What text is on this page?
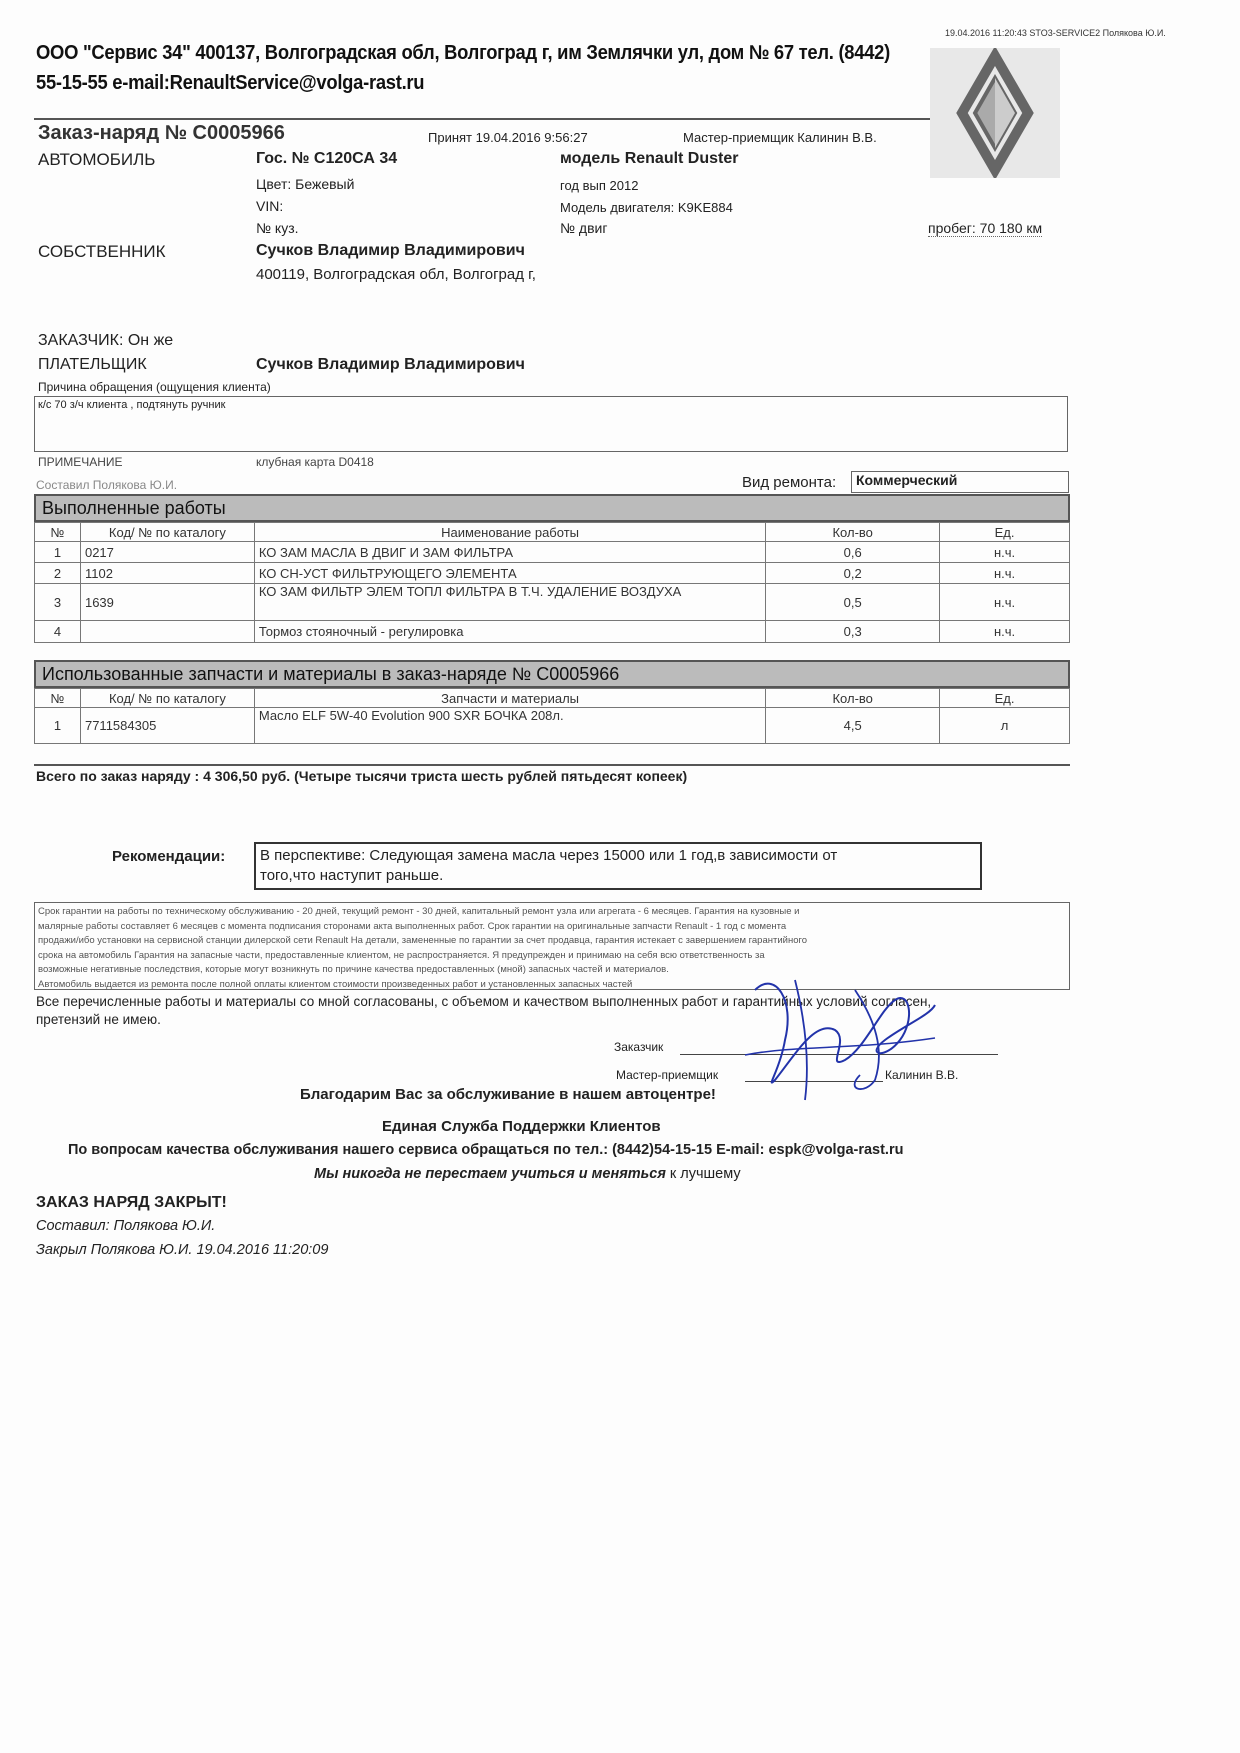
19.04.2016 11:20:43 STO3-SERVICE2 Полякова Ю.И.
ООО "Сервис 34" 400137, Волгоградская обл, Волгоград г, им Землячки ул, дом № 67 тел. (8442)
55-15-55 e-mail:RenaultService@volga-rast.ru
Заказ-наряд № С0005966	Принят 19.04.2016 9:56:27	Мастер-приемщик Калинин В.В.
АВТОМОБИЛЬ	Гос. № С120СА 34	модель Renault Duster
Цвет: Бежевый	год вып 2012
VIN:	Модель двигателя: K9KE884
№ куз.	№ двиг	пробег: 70 180 км
СОБСТВЕННИК	Сучков Владимир Владимирович
400119, Волгоградская обл, Волгоград г,
ЗАКАЗЧИК: Он же
ПЛАТЕЛЬЩИК	Сучков Владимир Владимирович
Причина обращения (ощущения клиента)
к/с 70 з/ч клиента , подтянуть ручник
ПРИМЕЧАНИЕ	клубная карта D0418
Составил Полякова Ю.И.	Вид ремонта:	Коммерческий
Выполненные работы
№	Код/ № по каталогу	Наименование работы	Кол-во	Ед.
1	0217	КО ЗАМ МАСЛА В ДВИГ И ЗАМ ФИЛЬТРА	0,6	н.ч.
2	1102	КО СН-УСТ ФИЛЬТРУЮЩЕГО ЭЛЕМЕНТА	0,2	н.ч.
3	1639	КО ЗАМ ФИЛЬТР ЭЛЕМ ТОПЛ ФИЛЬТРА В Т.Ч. УДАЛЕНИЕ ВОЗДУХА	0,5	н.ч.
4		Тормоз стояночный - регулировка	0,3	н.ч.
Использованные запчасти и материалы в заказ-наряде № С0005966
№	Код/ № по каталогу	Запчасти и материалы	Кол-во	Ед.
1	7711584305	Масло ELF 5W-40 Evolution 900 SXR БОЧКА 208л.	4,5	л
Всего по заказ наряду : 4 306,50 руб. (Четыре тысячи триста шесть рублей пятьдесят копеек)
Рекомендации: В перспективе: Следующая замена масла через 15000 или 1 год,в зависимости от
того,что наступит раньше.
Срок гарантии на работы по техническому обслуживанию - 20 дней, текущий ремонт - 30 дней, капитальный ремонт узла или агрегата - 6 месяцев. Гарантия на кузовные и
малярные работы составляет 6 месяцев с момента подписания сторонами акта выполненных работ. Срок гарантии на оригинальные запчасти Renault - 1 год с момента
продажи/ибо установки на сервисной станции дилерской сети Renault На детали, замененные по гарантии за счет продавца, гарантия истекает с завершением гарантийного
срока на автомобиль Гарантия на запасные части, предоставленные клиентом, не распространяется. Я предупрежден и принимаю на себя всю ответственность за
возможные негативные последствия, которые могут возникнуть по причине качества предоставленных (мной) запасных частей и материалов.
Автомобиль выдается из ремонта после полной оплаты клиентом стоимости произведенных работ и установленных запасных частей
Все перечисленные работы и материалы со мной согласованы, с объемом и качеством выполненных работ и гарантийных условий согласен,
претензий не имею.
Заказчик
Мастер-приемщик	Калинин В.В.
Благодарим Вас за обслуживание в нашем автоцентре!
Единая Служба Поддержки Клиентов
По вопросам качества обслуживания нашего сервиса обращаться по тел.: (8442)54-15-15 E-mail: espk@volga-rast.ru
Мы никогда не перестаем учиться и меняться к лучшему
ЗАКАЗ НАРЯД ЗАКРЫТ!
Составил: Полякова Ю.И.
Закрыл Полякова Ю.И. 19.04.2016 11:20:09
